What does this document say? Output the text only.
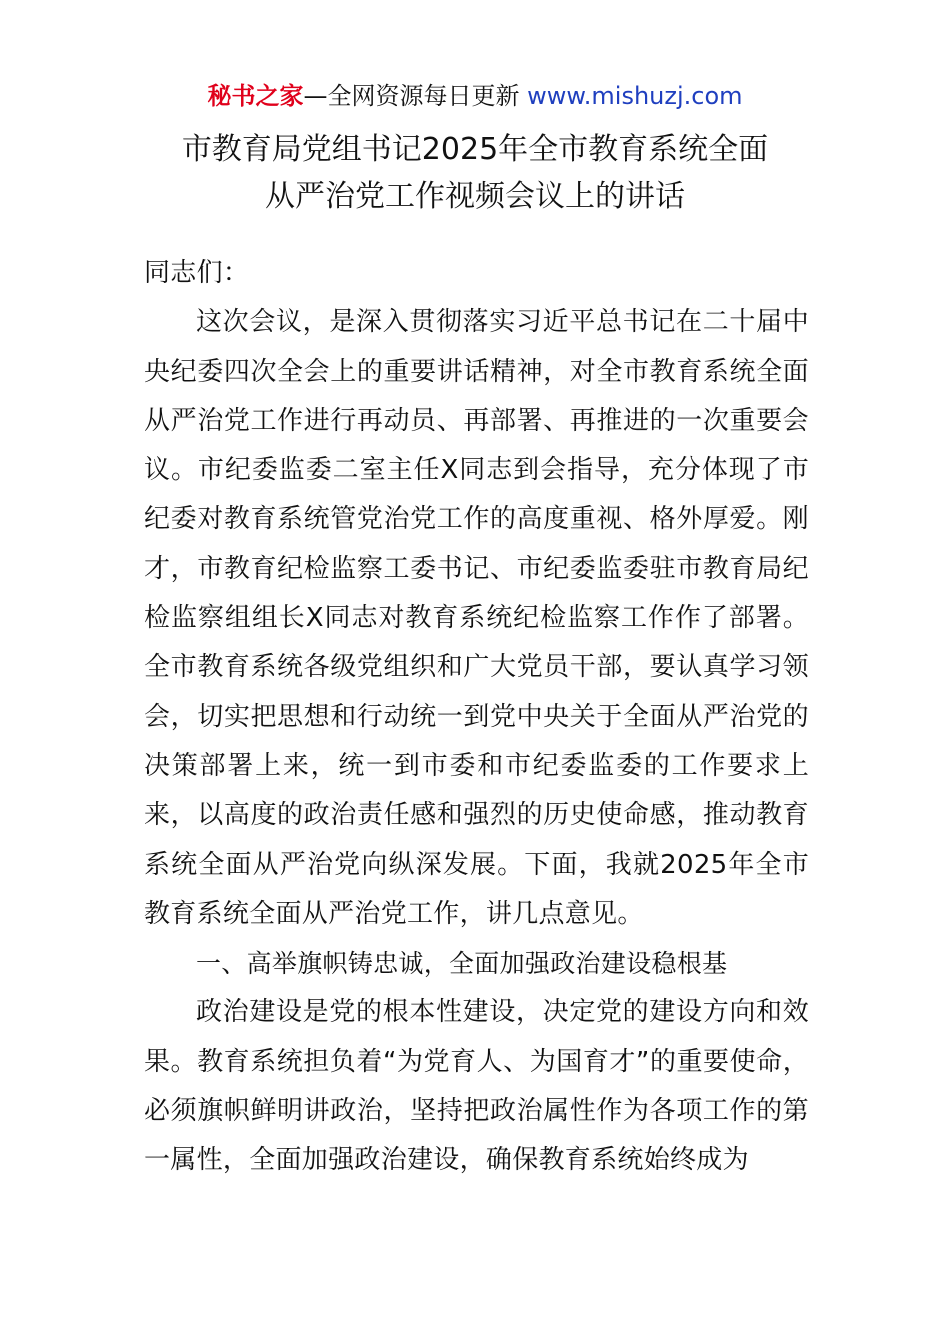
秘书之家—全网资源每日更新 www.mishuzj.com
市教育局党组书记2025年全市教育系统全面
从严治党工作视频会议上的讲话

同志们：

这次会议，是深入贯彻落实习近平总书记在二十届中央纪委四次全会上的重要讲话精神，对全市教育系统全面从严治党工作进行再动员、再部署、再推进的一次重要会议。市纪委监委二室主任X同志到会指导，充分体现了市纪委对教育系统管党治党工作的高度重视、格外厚爱。刚才，市教育纪检监察工委书记、市纪委监委驻市教育局纪检监察组组长X同志对教育系统纪检监察工作作了部署。全市教育系统各级党组织和广大党员干部，要认真学习领会，切实把思想和行动统一到党中央关于全面从严治党的决策部署上来，统一到市委和市纪委监委的工作要求上来，以高度的政治责任感和强烈的历史使命感，推动教育系统全面从严治党向纵深发展。下面，我就2025年全市教育系统全面从严治党工作，讲几点意见。

一、高举旗帜铸忠诚，全面加强政治建设稳根基

政治建设是党的根本性建设，决定党的建设方向和效果。教育系统担负着“为党育人、为国育才”的重要使命，必须旗帜鲜明讲政治，坚持把政治属性作为各项工作的第一属性，全面加强政治建设，确保教育系统始终成为
